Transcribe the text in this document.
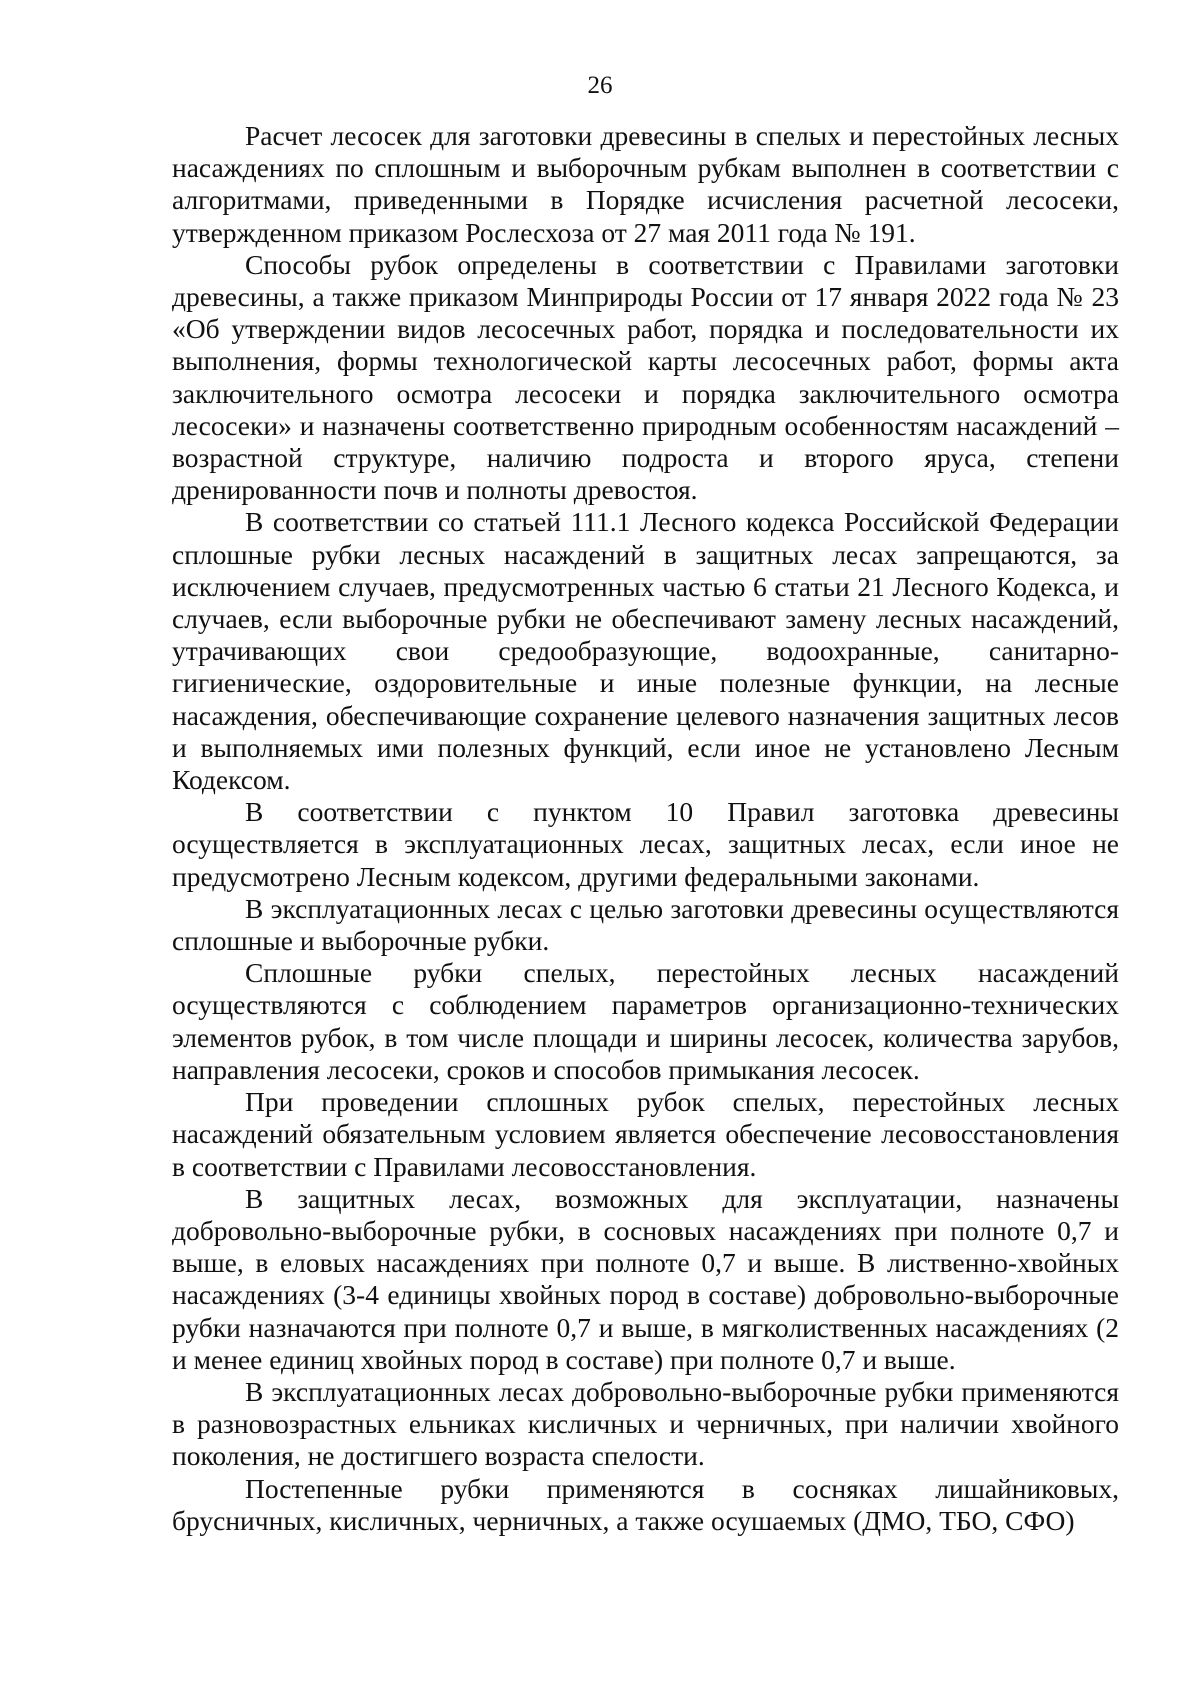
26

Расчет лесосек для заготовки древесины в спелых и перестойных лесных насаждениях по сплошным и выборочным рубкам выполнен в соответствии с алгоритмами, приведенными в Порядке исчисления расчетной лесосеки, утвержденном приказом Рослесхоза от 27 мая 2011 года № 191.

Способы рубок определены в соответствии с Правилами заготовки древесины, а также приказом Минприроды России от 17 января 2022 года № 23 «Об утверждении видов лесосечных работ, порядка и последовательности их выполнения, формы технологической карты лесосечных работ, формы акта заключительного осмотра лесосеки и порядка заключительного осмотра лесосеки» и назначены соответственно природным особенностям насаждений – возрастной структуре, наличию подроста и второго яруса, степени дренированности почв и полноты древостоя.

В соответствии со статьей 111.1 Лесного кодекса Российской Федерации сплошные рубки лесных насаждений в защитных лесах запрещаются, за исключением случаев, предусмотренных частью 6 статьи 21 Лесного Кодекса, и случаев, если выборочные рубки не обеспечивают замену лесных насаждений, утрачивающих свои средообразующие, водоохранные, санитарно-гигиенические, оздоровительные и иные полезные функции, на лесные насаждения, обеспечивающие сохранение целевого назначения защитных лесов и выполняемых ими полезных функций, если иное не установлено Лесным Кодексом.

В соответствии с пунктом 10 Правил заготовка древесины осуществляется в эксплуатационных лесах, защитных лесах, если иное не предусмотрено Лесным кодексом, другими федеральными законами.

В эксплуатационных лесах с целью заготовки древесины осуществляются сплошные и выборочные рубки.

Сплошные рубки спелых, перестойных лесных насаждений осуществляются с соблюдением параметров организационно-технических элементов рубок, в том числе площади и ширины лесосек, количества зарубов, направления лесосеки, сроков и способов примыкания лесосек.

При проведении сплошных рубок спелых, перестойных лесных насаждений обязательным условием является обеспечение лесовосстановления в соответствии с Правилами лесовосстановления.

В защитных лесах, возможных для эксплуатации, назначены добровольно-выборочные рубки, в сосновых насаждениях при полноте 0,7 и выше, в еловых насаждениях при полноте 0,7 и выше. В лиственно-хвойных насаждениях (3-4 единицы хвойных пород в составе) добровольно-выборочные рубки назначаются при полноте 0,7 и выше, в мягколиственных насаждениях (2 и менее единиц хвойных пород в составе) при полноте 0,7 и выше.

В эксплуатационных лесах добровольно-выборочные рубки применяются в разновозрастных ельниках кисличных и черничных, при наличии хвойного поколения, не достигшего возраста спелости.

Постепенные рубки применяются в сосняках лишайниковых, брусничных, кисличных, черничных, а также осушаемых (ДМО, ТБО, СФО)
